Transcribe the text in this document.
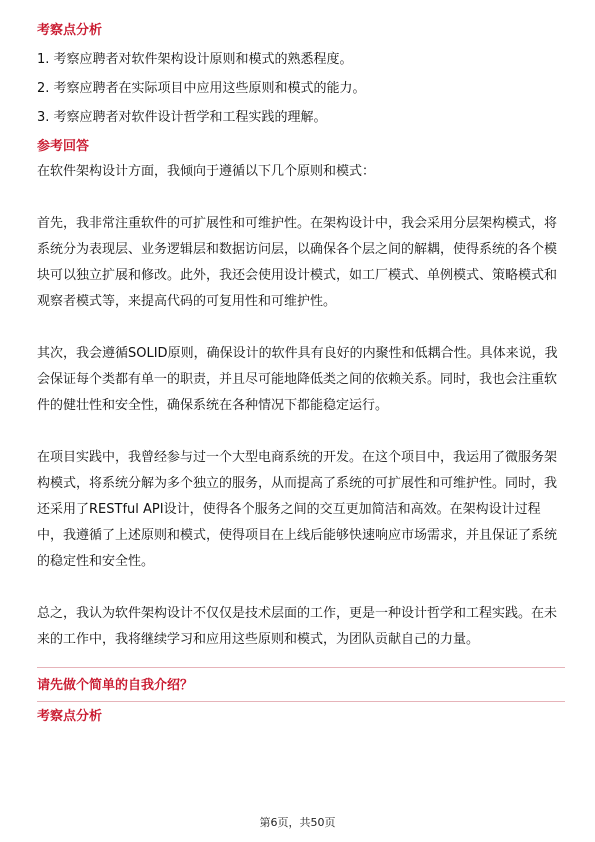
考察点分析
1. 考察应聘者对软件架构设计原则和模式的熟悉程度。
2. 考察应聘者在实际项目中应用这些原则和模式的能力。
3. 考察应聘者对软件设计哲学和工程实践的理解。
参考回答

在软件架构设计方面，我倾向于遵循以下几个原则和模式：

首先，我非常注重软件的可扩展性和可维护性。在架构设计中，我会采用分层架构模式，将系统分为表现层、业务逻辑层和数据访问层，以确保各个层之间的解耦，使得系统的各个模块可以独立扩展和修改。此外，我还会使用设计模式，如工厂模式、单例模式、策略模式和观察者模式等，来提高代码的可复用性和可维护性。

其次，我会遵循SOLID原则，确保设计的软件具有良好的内聚性和低耦合性。具体来说，我会保证每个类都有单一的职责，并且尽可能地降低类之间的依赖关系。同时，我也会注重软件的健壮性和安全性，确保系统在各种情况下都能稳定运行。

在项目实践中，我曾经参与过一个大型电商系统的开发。在这个项目中，我运用了微服务架构模式，将系统分解为多个独立的服务，从而提高了系统的可扩展性和可维护性。同时，我还采用了RESTful API设计，使得各个服务之间的交互更加简洁和高效。在架构设计过程中，我遵循了上述原则和模式，使得项目在上线后能够快速响应市场需求，并且保证了系统的稳定性和安全性。

总之，我认为软件架构设计不仅仅是技术层面的工作，更是一种设计哲学和工程实践。在未来的工作中，我将继续学习和应用这些原则和模式，为团队贡献自己的力量。

请先做个简单的自我介绍？
考察点分析
第6页，共50页
